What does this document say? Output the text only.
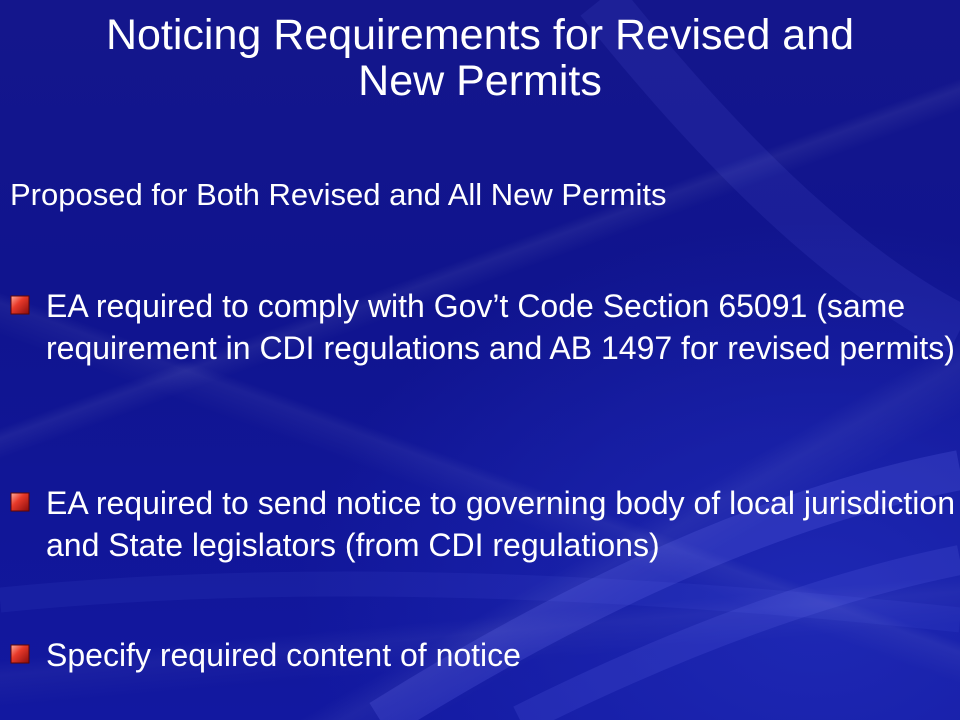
Noticing Requirements for Revised and
New Permits
Proposed for Both Revised and All New Permits
EA required to comply with Gov’t Code Section 65091 (same requirement in CDI regulations and AB 1497 for revised permits)
EA required to send notice to governing body of local jurisdiction and State legislators (from CDI regulations)
Specify required content of notice
